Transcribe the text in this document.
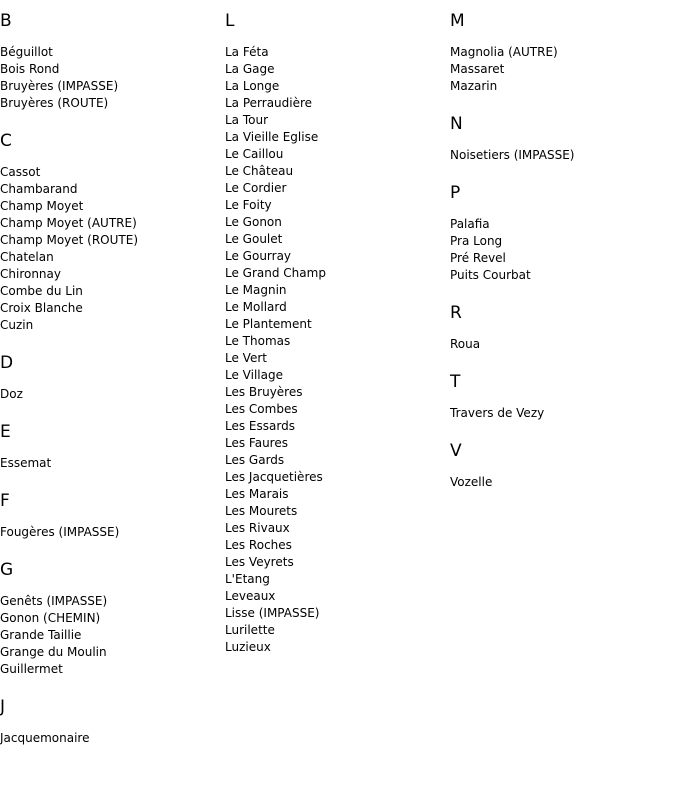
B
Béguillot
Bois Rond
Bruyères (IMPASSE)
Bruyères (ROUTE)
C
Cassot
Chambarand
Champ Moyet
Champ Moyet (AUTRE)
Champ Moyet (ROUTE)
Chatelan
Chironnay
Combe du Lin
Croix Blanche
Cuzin
D
Doz
E
Essemat
F
Fougères (IMPASSE)
G
Genêts (IMPASSE)
Gonon (CHEMIN)
Grande Taillie
Grange du Moulin
Guillermet
J
Jacquemonaire
L
La Féta
La Gage
La Longe
La Perraudière
La Tour
La Vieille Eglise
Le Caillou
Le Château
Le Cordier
Le Foity
Le Gonon
Le Goulet
Le Gourray
Le Grand Champ
Le Magnin
Le Mollard
Le Plantement
Le Thomas
Le Vert
Le Village
Les Bruyères
Les Combes
Les Essards
Les Faures
Les Gards
Les Jacquetières
Les Marais
Les Mourets
Les Rivaux
Les Roches
Les Veyrets
L'Etang
Leveaux
Lisse (IMPASSE)
Lurilette
Luzieux
M
Magnolia (AUTRE)
Massaret
Mazarin
N
Noisetiers (IMPASSE)
P
Palafia
Pra Long
Pré Revel
Puits Courbat
R
Roua
T
Travers de Vezy
V
Vozelle
